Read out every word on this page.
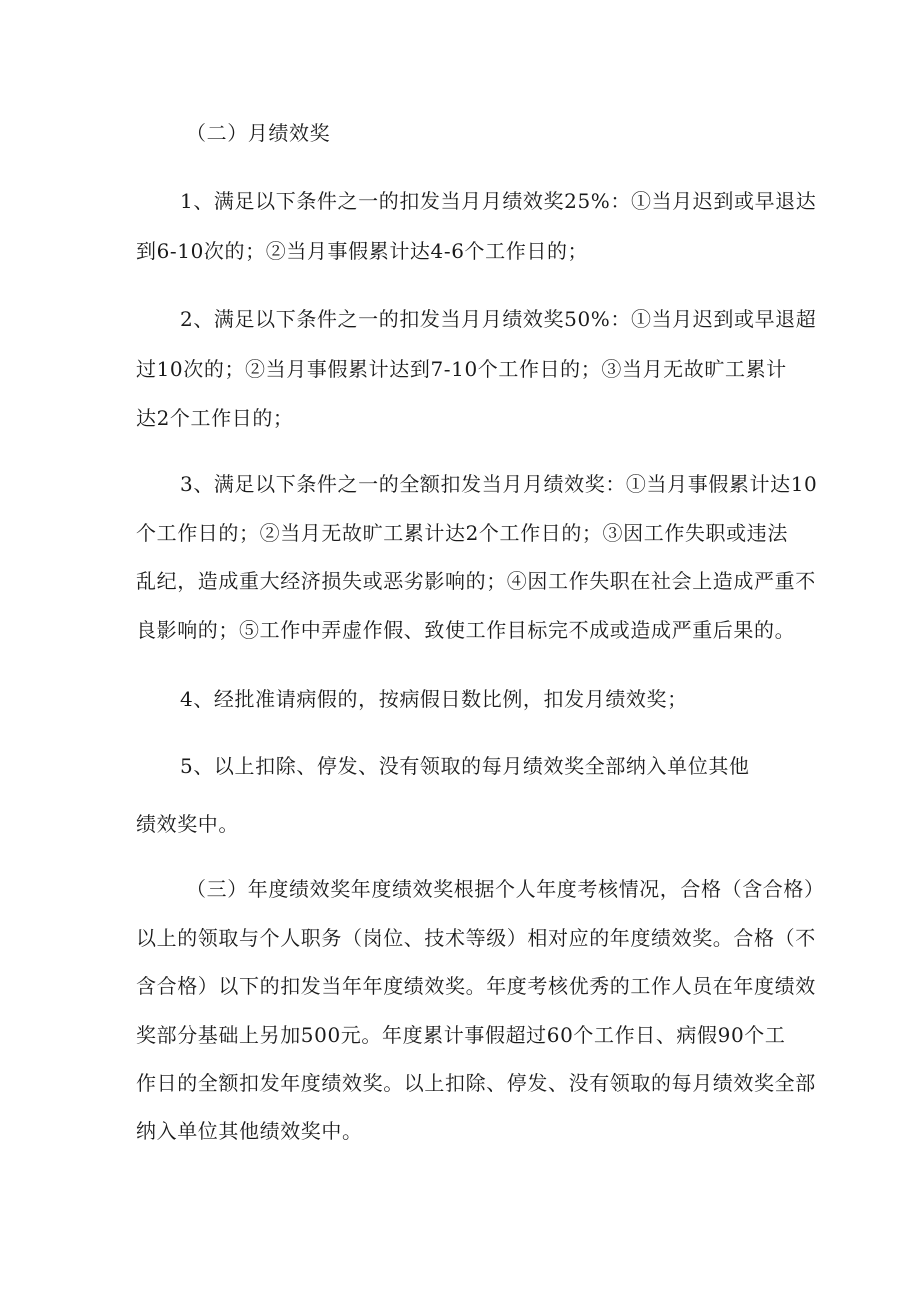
（二）月绩效奖
1、满足以下条件之一的扣发当月月绩效奖25%：①当月迟到或早退达
到6-10次的；②当月事假累计达4-6个工作日的；
2、满足以下条件之一的扣发当月月绩效奖50%：①当月迟到或早退超
过10次的；②当月事假累计达到7-10个工作日的；③当月无故旷工累计
达2个工作日的；
3、满足以下条件之一的全额扣发当月月绩效奖：①当月事假累计达10
个工作日的；②当月无故旷工累计达2个工作日的；③因工作失职或违法
乱纪，造成重大经济损失或恶劣影响的；④因工作失职在社会上造成严重不
良影响的；⑤工作中弄虚作假、致使工作目标完不成或造成严重后果的。
4、经批准请病假的，按病假日数比例，扣发月绩效奖；
5、以上扣除、停发、没有领取的每月绩效奖全部纳入单位其他
绩效奖中。
（三）年度绩效奖年度绩效奖根据个人年度考核情况，合格（含合格）
以上的领取与个人职务（岗位、技术等级）相对应的年度绩效奖。合格（不
含合格）以下的扣发当年年度绩效奖。年度考核优秀的工作人员在年度绩效
奖部分基础上另加500元。年度累计事假超过60个工作日、病假90个工
作日的全额扣发年度绩效奖。以上扣除、停发、没有领取的每月绩效奖全部
纳入单位其他绩效奖中。
